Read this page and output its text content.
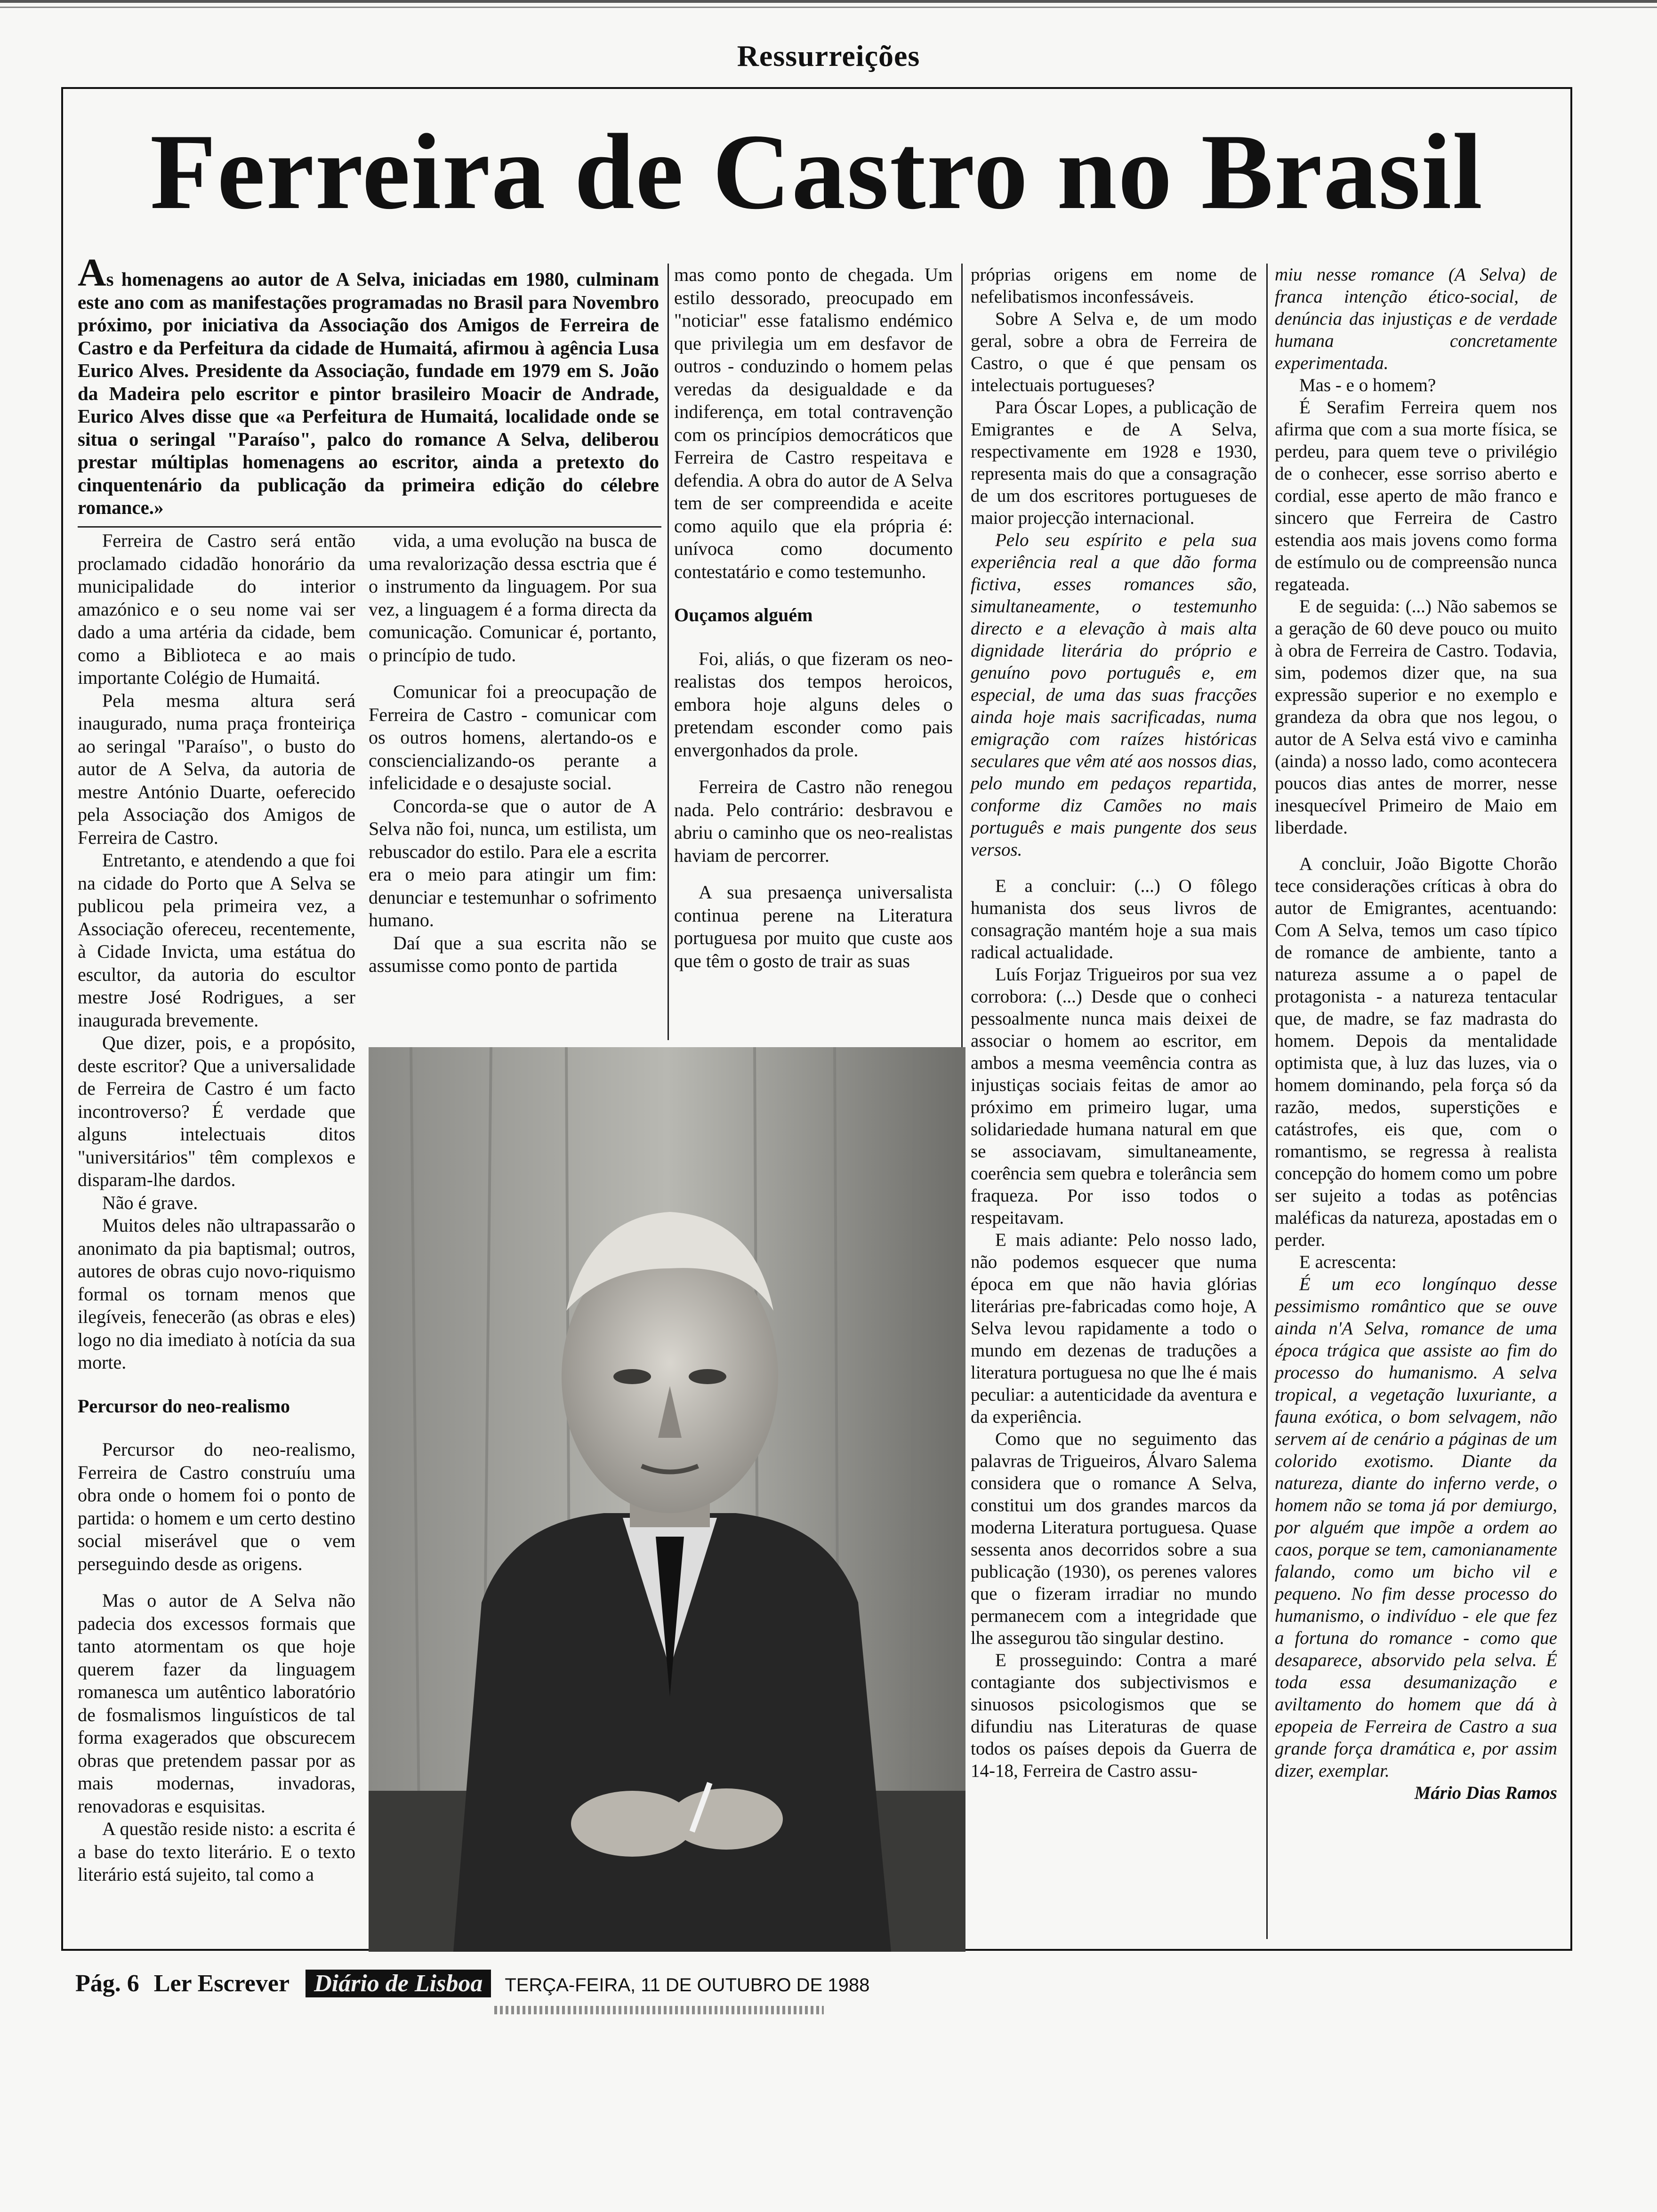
Ressurreições
Ferreira de Castro no Brasil
As homenagens ao autor de A Selva, iniciadas em 1980, culminam este ano com as manifestações programadas no Brasil para Novembro próximo, por iniciativa da Associação dos Amigos de Ferreira de Castro e da Perfeitura da cidade de Humaitá, afirmou à agência Lusa Eurico Alves. Presidente da Associação, fundade em 1979 em S. João da Madeira pelo escritor e pintor brasileiro Moacir de Andrade, Eurico Alves disse que «a Perfeitura de Humaitá, localidade onde se situa o seringal "Paraíso", palco do romance A Selva, deliberou prestar múltiplas homenagens ao escritor, ainda a pretexto do cinquentenário da publicação da primeira edição do célebre romance.»

Ferreira de Castro será então proclamado cidadão honorário da municipalidade do interior amazónico e o seu nome vai ser dado a uma artéria da cidade, bem como a Biblioteca e ao mais importante Colégio de Humaitá.

Pela mesma altura será inaugurado, numa praça fronteiriça ao seringal "Paraíso", o busto do autor de A Selva, da autoria de mestre António Duarte, oeferecido pela Associação dos Amigos de Ferreira de Castro.

Entretanto, e atendendo a que foi na cidade do Porto que A Selva se publicou pela primeira vez, a Associação ofereceu, recentemente, à Cidade Invicta, uma estátua do escultor, da autoria do escultor mestre José Rodrigues, a ser inaugurada brevemente.

Que dizer, pois, e a propósito, deste escritor? Que a universalidade de Ferreira de Castro é um facto incontroverso? É verdade que alguns intelectuais ditos "universitários" têm complexos e disparam-lhe dardos.

Não é grave.

Muitos deles não ultrapassarão o anonimato da pia baptismal; outros, autores de obras cujo novo-riquismo formal os tornam menos que ilegíveis, fenecerão (as obras e eles) logo no dia imediato à notícia da sua morte.

Percursor do neo-realismo

Percursor do neo-realismo, Ferreira de Castro construíu uma obra onde o homem foi o ponto de partida: o homem e um certo destino social miserável que o vem perseguindo desde as origens.

Mas o autor de A Selva não padecia dos excessos formais que tanto atormentam os que hoje querem fazer da linguagem romanesca um autêntico laboratório de fosmalismos linguísticos de tal forma exagerados que obscurecem obras que pretendem passar por as mais modernas, invadoras, renovadoras e esquisitas.

A questão reside nisto: a escrita é a base do texto literário. E o texto literário está sujeito, tal como a

vida, a uma evolução na busca de uma revalorização dessa esctria que é o instrumento da linguagem. Por sua vez, a linguagem é a forma directa da comunicação. Comunicar é, portanto, o princípio de tudo.

Comunicar foi a preocupação de Ferreira de Castro - comunicar com os outros homens, alertando-os e consciencializando-os perante a infelicidade e o desajuste social.

Concorda-se que o autor de A Selva não foi, nunca, um estilista, um rebuscador do estilo. Para ele a escrita era o meio para atingir um fim: denunciar e testemunhar o sofrimento humano.

Daí que a sua escrita não se assumisse como ponto de partida

mas como ponto de chegada. Um estilo dessorado, preocupado em "noticiar" esse fatalismo endémico que privilegia um em desfavor de outros - conduzindo o homem pelas veredas da desigualdade e da indiferença, em total contravenção com os princípios democráticos que Ferreira de Castro respeitava e defendia. A obra do autor de A Selva tem de ser compreendida e aceite como aquilo que ela própria é: unívoca como documento contestatário e como testemunho.

Ouçamos alguém

Foi, aliás, o que fizeram os neo-realistas dos tempos heroicos, embora hoje alguns deles o pretendam esconder como pais envergonhados da prole.

Ferreira de Castro não renegou nada. Pelo contrário: desbravou e abriu o caminho que os neo-realistas haviam de percorrer.

A sua presaença universalista continua perene na Literatura portuguesa por muito que custe aos que têm o gosto de trair as suas

próprias origens em nome de nefelibatismos inconfessáveis.

Sobre A Selva e, de um modo geral, sobre a obra de Ferreira de Castro, o que é que pensam os intelectuais portugueses?

Para Óscar Lopes, a publicação de Emigrantes e de A Selva, respectivamente em 1928 e 1930, representa mais do que a consagração de um dos escritores portugueses de maior projecção internacional.

Pelo seu espírito e pela sua experiência real a que dão forma fictiva, esses romances são, simultaneamente, o testemunho directo e a elevação à mais alta dignidade literária do próprio e genuíno povo português e, em especial, de uma das suas fracções ainda hoje mais sacrificadas, numa emigração com raízes históricas seculares que vêm até aos nossos dias, pelo mundo em pedaços repartida, conforme diz Camões no mais português e mais pungente dos seus versos.

E a concluir: (...) O fôlego humanista dos seus livros de consagração mantém hoje a sua mais radical actualidade.

Luís Forjaz Trigueiros por sua vez corrobora: (...) Desde que o conheci pessoalmente nunca mais deixei de associar o homem ao escritor, em ambos a mesma veemência contra as injustiças sociais feitas de amor ao próximo em primeiro lugar, uma solidariedade humana natural em que se associavam, simultaneamente, coerência sem quebra e tolerância sem fraqueza. Por isso todos o respeitavam.

E mais adiante: Pelo nosso lado, não podemos esquecer que numa época em que não havia glórias literárias pre-fabricadas como hoje, A Selva levou rapidamente a todo o mundo em dezenas de traduções a literatura portuguesa no que lhe é mais peculiar: a autenticidade da aventura e da experiência.

Como que no seguimento das palavras de Trigueiros, Álvaro Salema considera que o romance A Selva, constitui um dos grandes marcos da moderna Literatura portuguesa. Quase sessenta anos decorridos sobre a sua publicação (1930), os perenes valores que o fizeram irradiar no mundo permanecem com a integridade que lhe assegurou tão singular destino.

E prosseguindo: Contra a maré contagiante dos subjectivismos e sinuosos psicologismos que se difundiu nas Literaturas de quase todos os países depois da Guerra de 14-18, Ferreira de Castro assu-

miu nesse romance (A Selva) de franca intenção ético-social, de denúncia das injustiças e de verdade humana concretamente experimentada.

Mas - e o homem?

É Serafim Ferreira quem nos afirma que com a sua morte física, se perdeu, para quem teve o privilégio de o conhecer, esse sorriso aberto e cordial, esse aperto de mão franco e sincero que Ferreira de Castro estendia aos mais jovens como forma de estímulo ou de compreensão nunca regateada.

E de seguida: (...) Não sabemos se a geração de 60 deve pouco ou muito à obra de Ferreira de Castro. Todavia, sim, podemos dizer que, na sua expressão superior e no exemplo e grandeza da obra que nos legou, o autor de A Selva está vivo e caminha (ainda) a nosso lado, como acontecera poucos dias antes de morrer, nesse inesquecível Primeiro de Maio em liberdade.

A concluir, João Bigotte Chorão tece considerações críticas à obra do autor de Emigrantes, acentuando: Com A Selva, temos um caso típico de romance de ambiente, tanto a natureza assume a o papel de protagonista - a natureza tentacular que, de madre, se faz madrasta do homem. Depois da mentalidade optimista que, à luz das luzes, via o homem dominando, pela força só da razão, medos, superstições e catástrofes, eis que, com o romantismo, se regressa à realista concepção do homem como um pobre ser sujeito a todas as potências maléficas da natureza, apostadas em o perder.

E acrescenta:

É um eco longínquo desse pessimismo romântico que se ouve ainda n'A Selva, romance de uma época trágica que assiste ao fim do processo do humanismo. A selva tropical, a vegetação luxuriante, a fauna exótica, o bom selvagem, não servem aí de cenário a páginas de um colorido exotismo. Diante da natureza, diante do inferno verde, o homem não se toma já por demiurgo, por alguém que impõe a ordem ao caos, porque se tem, camonianamente falando, como um bicho vil e pequeno. No fim desse processo do humanismo, o indivíduo - ele que fez a fortuna do romance - como que desaparece, absorvido pela selva. É toda essa desumanização e aviltamento do homem que dá à epopeia de Ferreira de Castro a sua grande força dramática e, por assim dizer, exemplar.

Mário Dias Ramos

Pág. 6 Ler Escrever Diário de Lisboa TERÇA-FEIRA, 11 DE OUTUBRO DE 1988
